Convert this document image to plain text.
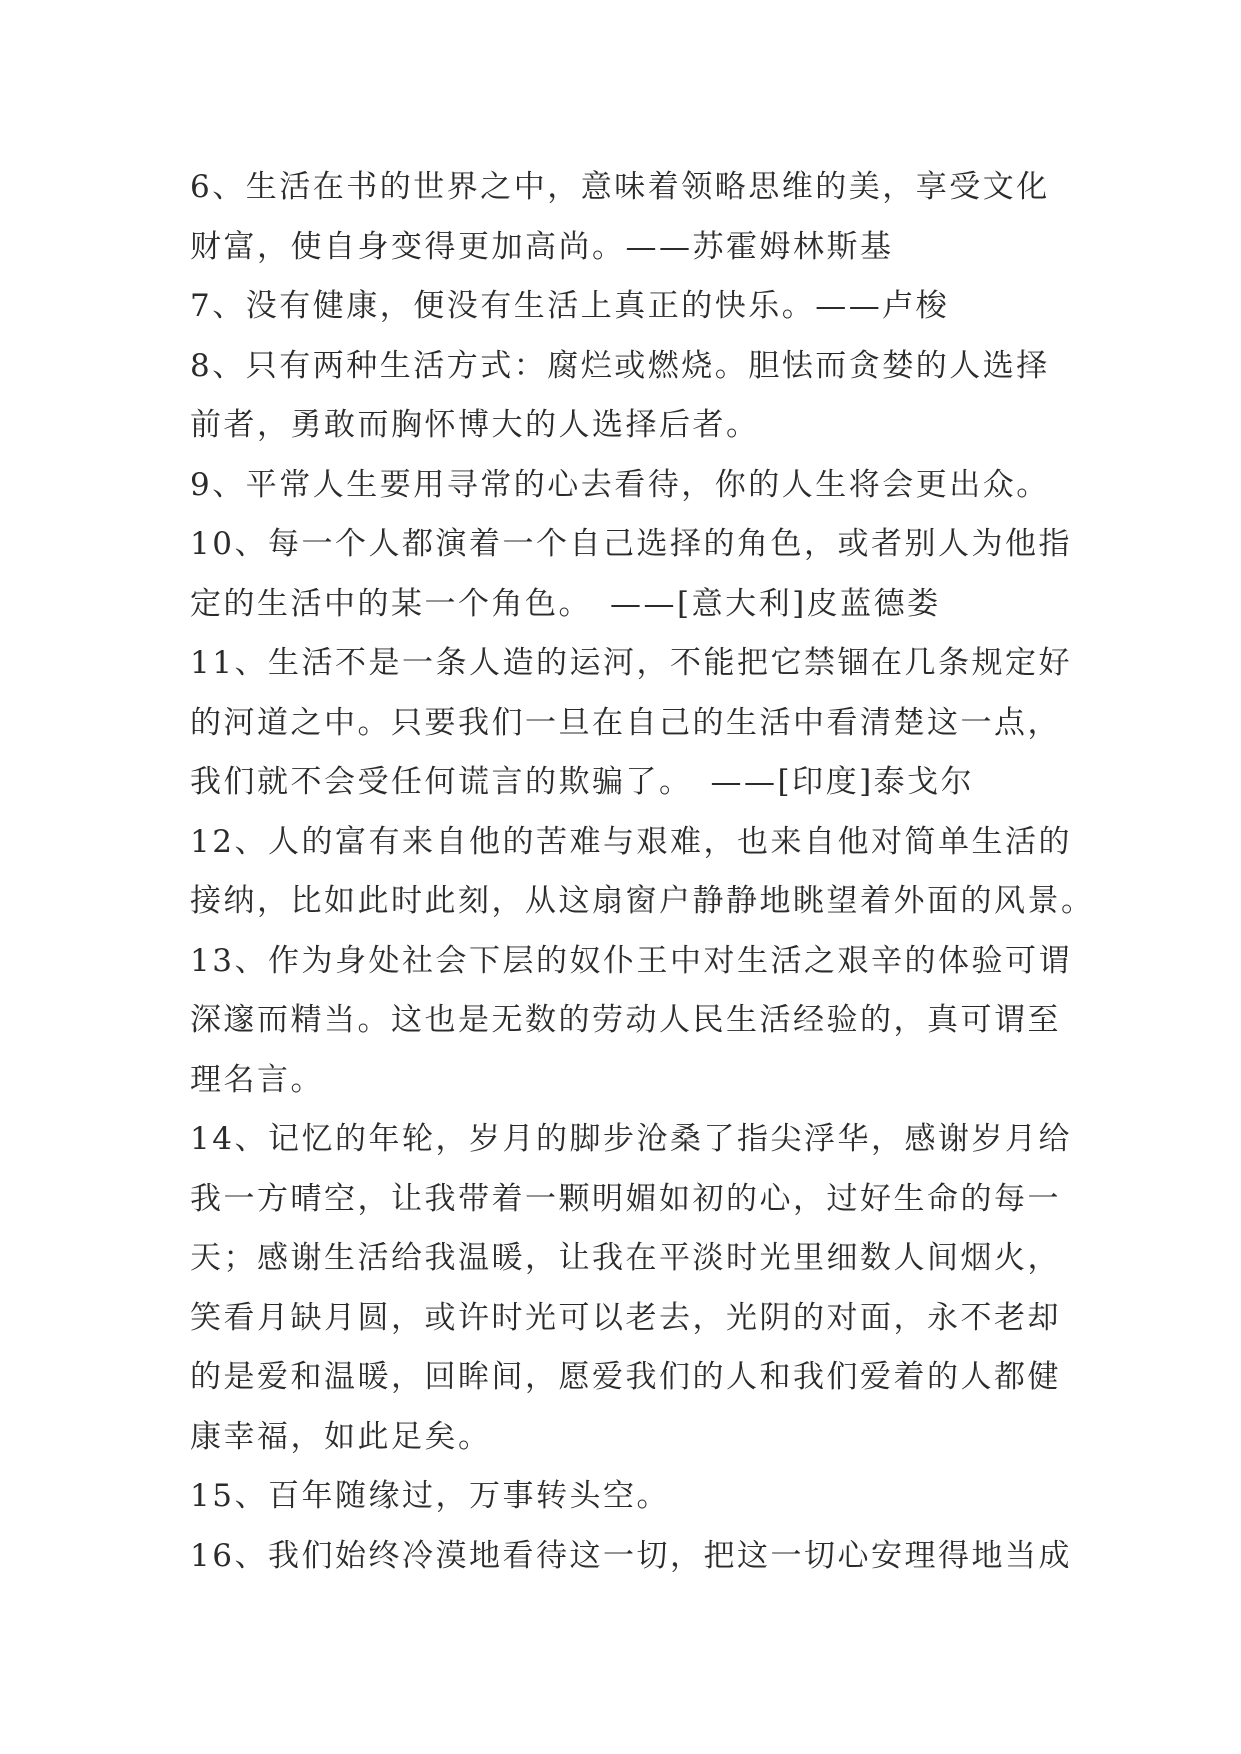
6、生活在书的世界之中，意味着领略思维的美，享受文化
财富，使自身变得更加高尚。——苏霍姆林斯基
7、没有健康，便没有生活上真正的快乐。——卢梭
8、只有两种生活方式：腐烂或燃烧。胆怯而贪婪的人选择
前者，勇敢而胸怀博大的人选择后者。
9、平常人生要用寻常的心去看待，你的人生将会更出众。
10、每一个人都演着一个自己选择的角色，或者别人为他指
定的生活中的某一个角色。　——[意大利]皮蓝德娄
11、生活不是一条人造的运河，不能把它禁锢在几条规定好
的河道之中。只要我们一旦在自己的生活中看清楚这一点，
我们就不会受任何谎言的欺骗了。　——[印度]泰戈尔
12、人的富有来自他的苦难与艰难，也来自他对简单生活的
接纳，比如此时此刻，从这扇窗户静静地眺望着外面的风景。
13、作为身处社会下层的奴仆王中对生活之艰辛的体验可谓
深邃而精当。这也是无数的劳动人民生活经验的，真可谓至
理名言。
14、记忆的年轮，岁月的脚步沧桑了指尖浮华，感谢岁月给
我一方晴空，让我带着一颗明媚如初的心，过好生命的每一
天；感谢生活给我温暖，让我在平淡时光里细数人间烟火，
笑看月缺月圆，或许时光可以老去，光阴的对面，永不老却
的是爱和温暖，回眸间，愿爱我们的人和我们爱着的人都健
康幸福，如此足矣。
15、百年随缘过，万事转头空。
16、我们始终冷漠地看待这一切，把这一切心安理得地当成
